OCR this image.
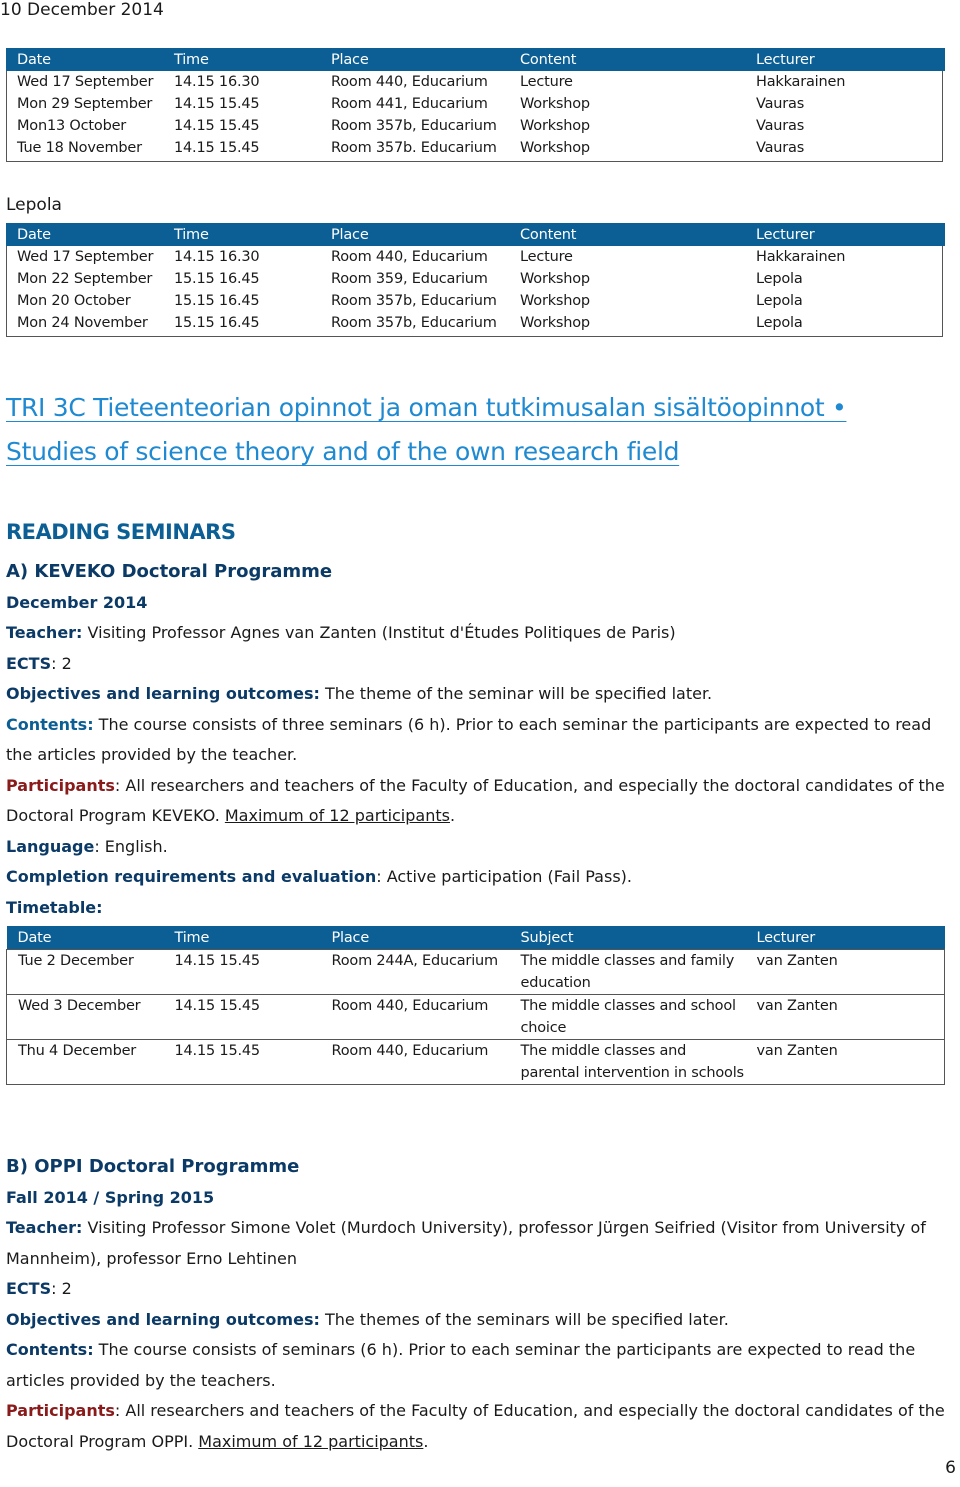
10 December 2014
Date	Time	Place	Content	Lecturer
Wed 17 September	14.15 16.30	Room 440, Educarium	Lecture	Hakkarainen
Mon 29 September	14.15 15.45	Room 441, Educarium	Workshop	Vauras
Mon13 October	14.15 15.45	Room 357b, Educarium	Workshop	Vauras
Tue 18 November	14.15 15.45	Room 357b. Educarium	Workshop	Vauras
Lepola
Date	Time	Place	Content	Lecturer
Wed 17 September	14.15 16.30	Room 440, Educarium	Lecture	Hakkarainen
Mon 22 September	15.15 16.45	Room 359, Educarium	Workshop	Lepola
Mon 20 October	15.15 16.45	Room 357b, Educarium	Workshop	Lepola
Mon 24 November	15.15 16.45	Room 357b, Educarium	Workshop	Lepola
TRI 3C Tieteenteorian opinnot ja oman tutkimusalan sisältöopinnot •
Studies of science theory and of the own research field
READING SEMINARS

A) KEVEKO Doctoral Programme

December 2014

Teacher: Visiting Professor Agnes van Zanten (Institut d'Études Politiques de Paris)

ECTS: 2

Objectives and learning outcomes: The theme of the seminar will be specified later.

Contents: The course consists of three seminars (6 h). Prior to each seminar the participants are expected to read the articles provided by the teacher.

Participants: All researchers and teachers of the Faculty of Education, and especially the doctoral candidates of the Doctoral Program KEVEKO. Maximum of 12 participants.

Language: English.

Completion requirements and evaluation: Active participation (Fail Pass).

Timetable:

Date	Time	Place	Subject	Lecturer
Tue 2 December	14.15 15.45	Room 244A, Educarium	The middle classes and family education	van Zanten
Wed 3 December	14.15 15.45	Room 440, Educarium	The middle classes and school choice	van Zanten
Thu 4 December	14.15 15.45	Room 440, Educarium	The middle classes and parental intervention in schools	van Zanten

B) OPPI Doctoral Programme

Fall 2014 / Spring 2015

Teacher: Visiting Professor Simone Volet (Murdoch University), professor Jürgen Seifried (Visitor from University of Mannheim), professor Erno Lehtinen

ECTS: 2

Objectives and learning outcomes: The themes of the seminars will be specified later.

Contents: The course consists of seminars (6 h). Prior to each seminar the participants are expected to read the articles provided by the teachers.

Participants: All researchers and teachers of the Faculty of Education, and especially the doctoral candidates of the Doctoral Program OPPI. Maximum of 12 participants.

6
